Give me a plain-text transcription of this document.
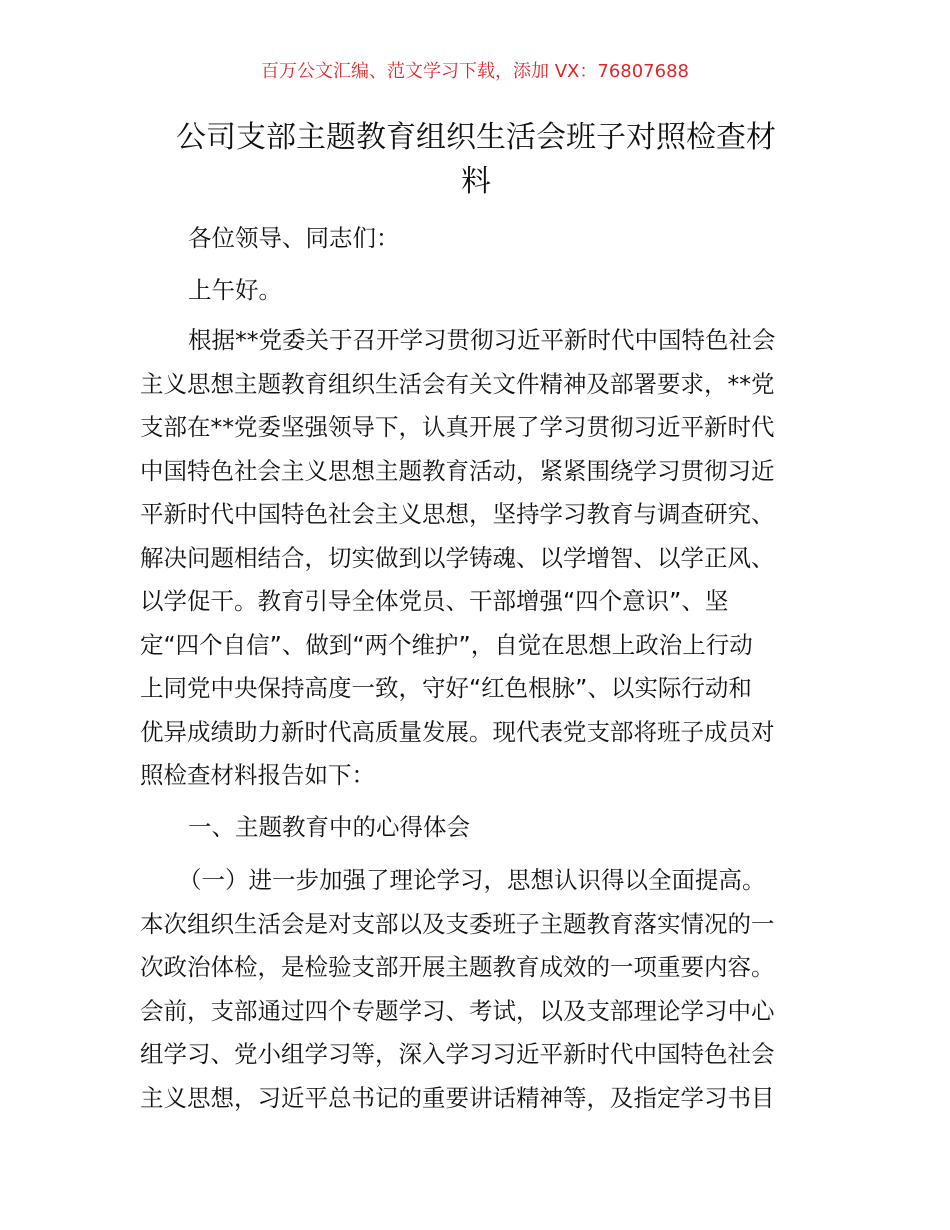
百万公文汇编、范文学习下载，添加 VX：76807688
公司支部主题教育组织生活会班子对照检查材
料
各位领导、同志们：
上午好。
根据**党委关于召开学习贯彻习近平新时代中国特色社会
主义思想主题教育组织生活会有关文件精神及部署要求，**党
支部在**党委坚强领导下，认真开展了学习贯彻习近平新时代
中国特色社会主义思想主题教育活动，紧紧围绕学习贯彻习近
平新时代中国特色社会主义思想，坚持学习教育与调查研究、
解决问题相结合，切实做到以学铸魂、以学增智、以学正风、
以学促干。教育引导全体党员、干部增强“四个意识”、坚
定“四个自信”、做到“两个维护”，自觉在思想上政治上行动
上同党中央保持高度一致，守好“红色根脉”、以实际行动和
优异成绩助力新时代高质量发展。现代表党支部将班子成员对
照检查材料报告如下：
一、主题教育中的心得体会
（一）进一步加强了理论学习，思想认识得以全面提高。
本次组织生活会是对支部以及支委班子主题教育落实情况的一
次政治体检，是检验支部开展主题教育成效的一项重要内容。
会前，支部通过四个专题学习、考试，以及支部理论学习中心
组学习、党小组学习等，深入学习习近平新时代中国特色社会
主义思想，习近平总书记的重要讲话精神等，及指定学习书目
